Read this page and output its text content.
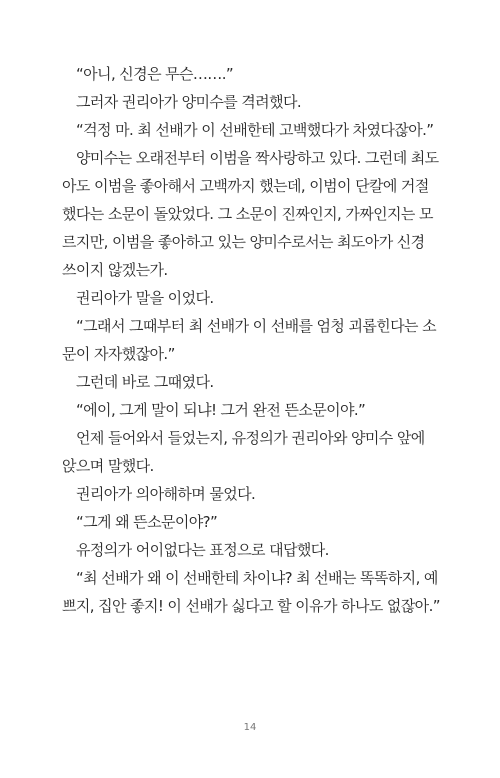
“아니, 신경은 무슨…….”

그러자 권리아가 양미수를 격려했다.

“걱정 마. 최 선배가 이 선배한테 고백했다가 차였다잖아.”

양미수는 오래전부터 이범을 짝사랑하고 있다. 그런데 최도
아도 이범을 좋아해서 고백까지 했는데, 이범이 단칼에 거절
했다는 소문이 돌았었다. 그 소문이 진짜인지, 가짜인지는 모
르지만, 이범을 좋아하고 있는 양미수로서는 최도아가 신경
쓰이지 않겠는가.

권리아가 말을 이었다.

“그래서 그때부터 최 선배가 이 선배를 엄청 괴롭힌다는 소
문이 자자했잖아.”

그런데 바로 그때였다.

“에이, 그게 말이 되냐! 그거 완전 뜬소문이야.”

언제 들어와서 들었는지, 유정의가 권리아와 양미수 앞에
앉으며 말했다.

권리아가 의아해하며 물었다.

“그게 왜 뜬소문이야?”

유정의가 어이없다는 표정으로 대답했다.

“최 선배가 왜 이 선배한테 차이냐? 최 선배는 똑똑하지, 예
쁘지, 집안 좋지! 이 선배가 싫다고 할 이유가 하나도 없잖아.”

14
